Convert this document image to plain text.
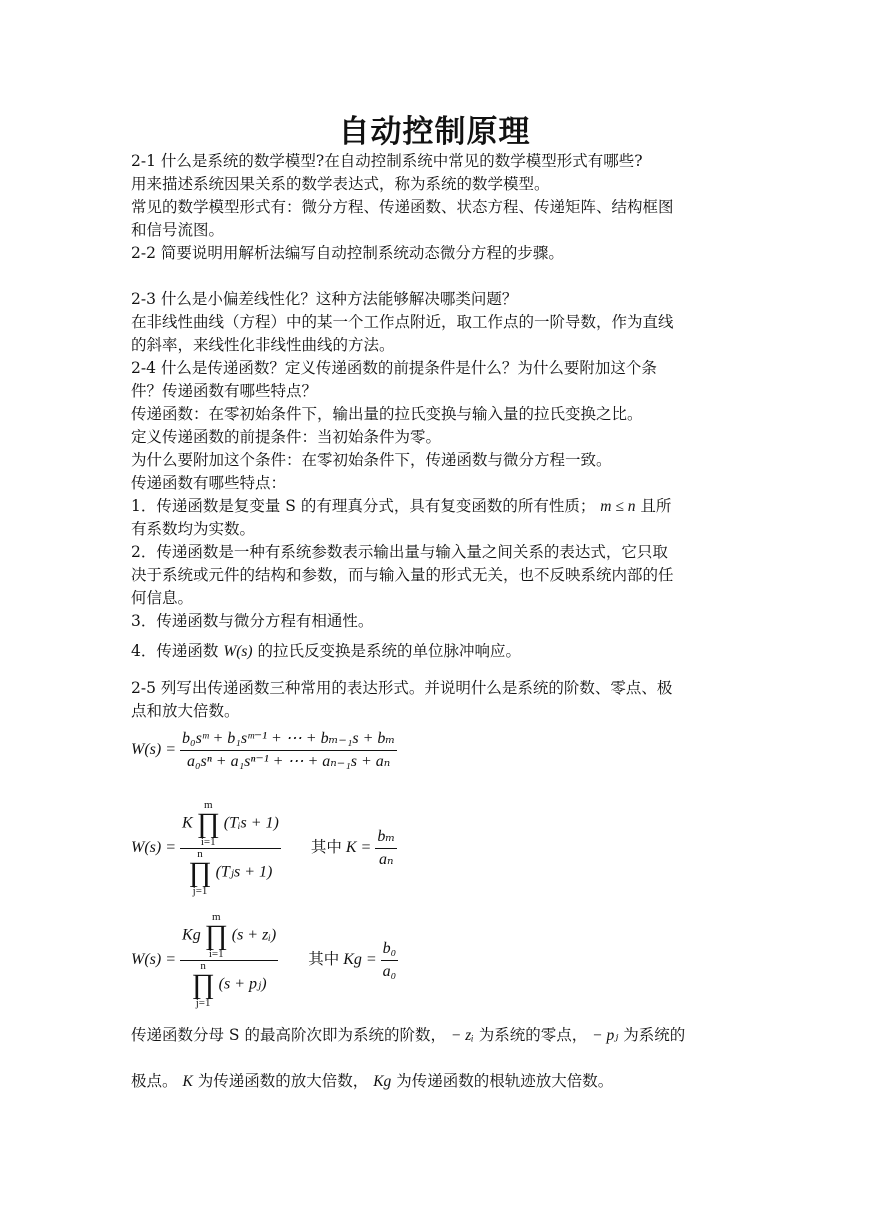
自动控制原理
2-1 什么是系统的数学模型?在自动控制系统中常见的数学模型形式有哪些?
用来描述系统因果关系的数学表达式，称为系统的数学模型。
常见的数学模型形式有：微分方程、传递函数、状态方程、传递矩阵、结构框图
和信号流图。
2-2 简要说明用解析法编写自动控制系统动态微分方程的步骤。
2-3 什么是小偏差线性化？这种方法能够解决哪类问题？
在非线性曲线（方程）中的某一个工作点附近，取工作点的一阶导数，作为直线
的斜率，来线性化非线性曲线的方法。
2-4 什么是传递函数？定义传递函数的前提条件是什么？为什么要附加这个条
件？传递函数有哪些特点？
传递函数：在零初始条件下，输出量的拉氏变换与输入量的拉氏变换之比。
定义传递函数的前提条件：当初始条件为零。
为什么要附加这个条件：在零初始条件下，传递函数与微分方程一致。
传递函数有哪些特点：
1．传递函数是复变量 S 的有理真分式，具有复变函数的所有性质； m ≤ n 且所
有系数均为实数。
2．传递函数是一种有系统参数表示输出量与输入量之间关系的表达式，它只取
决于系统或元件的结构和参数，而与输入量的形式无关，也不反映系统内部的任
何信息。
3．传递函数与微分方程有相通性。
4．传递函数 W(s) 的拉氏反变换是系统的单位脉冲响应。
2-5 列写出传递函数三种常用的表达形式。并说明什么是系统的阶数、零点、极
点和放大倍数。
$W(s) = \frac{\text{b₀sᵐ + b₁sᵐ⁻¹ + ⋯ + bₘ₋₁s + bₘ}}{\text{a₀sⁿ + a₁sⁿ⁻¹ + ⋯ + aₙ₋₁s + aₙ}}$
W(s) =
K m
∏
i=1 (Tᵢs + 1)
n
∏
j=1 (Tⱼs + 1)
其中 $K = \frac{\text{bₘ}}{\text{aₙ}}$
W(s) =
Kg m
∏
i=1 (s + zᵢ)
n
∏
j=1 (s + pⱼ)
其中 $Kg = \frac{\text{b₀}}{\text{a₀}}$
传递函数分母 S 的最高阶次即为系统的阶数， − zᵢ 为系统的零点， − pⱼ 为系统的
极点。 K 为传递函数的放大倍数， Kg 为传递函数的根轨迹放大倍数。
